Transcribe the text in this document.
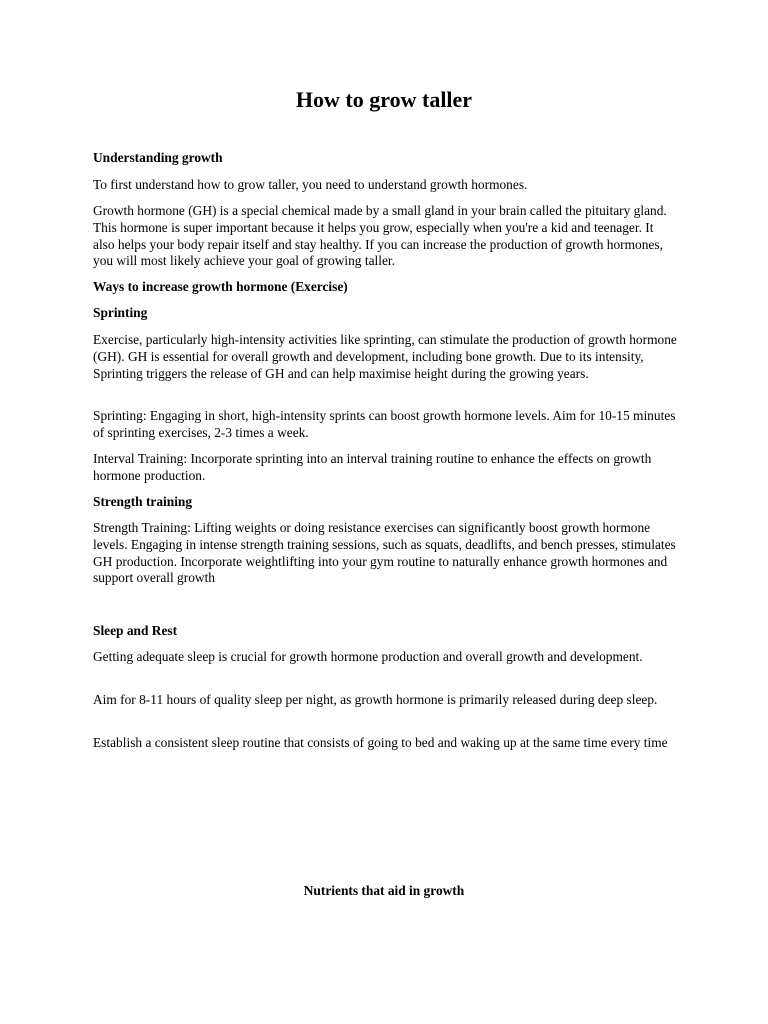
How to grow taller

Understanding growth

To first understand how to grow taller, you need to understand growth hormones.

Growth hormone (GH) is a special chemical made by a small gland in your brain called the pituitary gland. This hormone is super important because it helps you grow, especially when you're a kid and teenager. It also helps your body repair itself and stay healthy. If you can increase the production of growth hormones, you will most likely achieve your goal of growing taller.

Ways to increase growth hormone (Exercise)

Sprinting

Exercise, particularly high-intensity activities like sprinting, can stimulate the production of growth hormone (GH). GH is essential for overall growth and development, including bone growth. Due to its intensity, Sprinting triggers the release of GH and can help maximise height during the growing years.

Sprinting: Engaging in short, high-intensity sprints can boost growth hormone levels. Aim for 10-15 minutes of sprinting exercises, 2-3 times a week.

Interval Training: Incorporate sprinting into an interval training routine to enhance the effects on growth hormone production.

Strength training

Strength Training: Lifting weights or doing resistance exercises can significantly boost growth hormone levels. Engaging in intense strength training sessions, such as squats, deadlifts, and bench presses, stimulates GH production. Incorporate weightlifting into your gym routine to naturally enhance growth hormones and support overall growth

Sleep and Rest

Getting adequate sleep is crucial for growth hormone production and overall growth and development.

Aim for 8-11 hours of quality sleep per night, as growth hormone is primarily released during deep sleep.

Establish a consistent sleep routine that consists of going to bed and waking up at the same time every time

Nutrients that aid in growth
